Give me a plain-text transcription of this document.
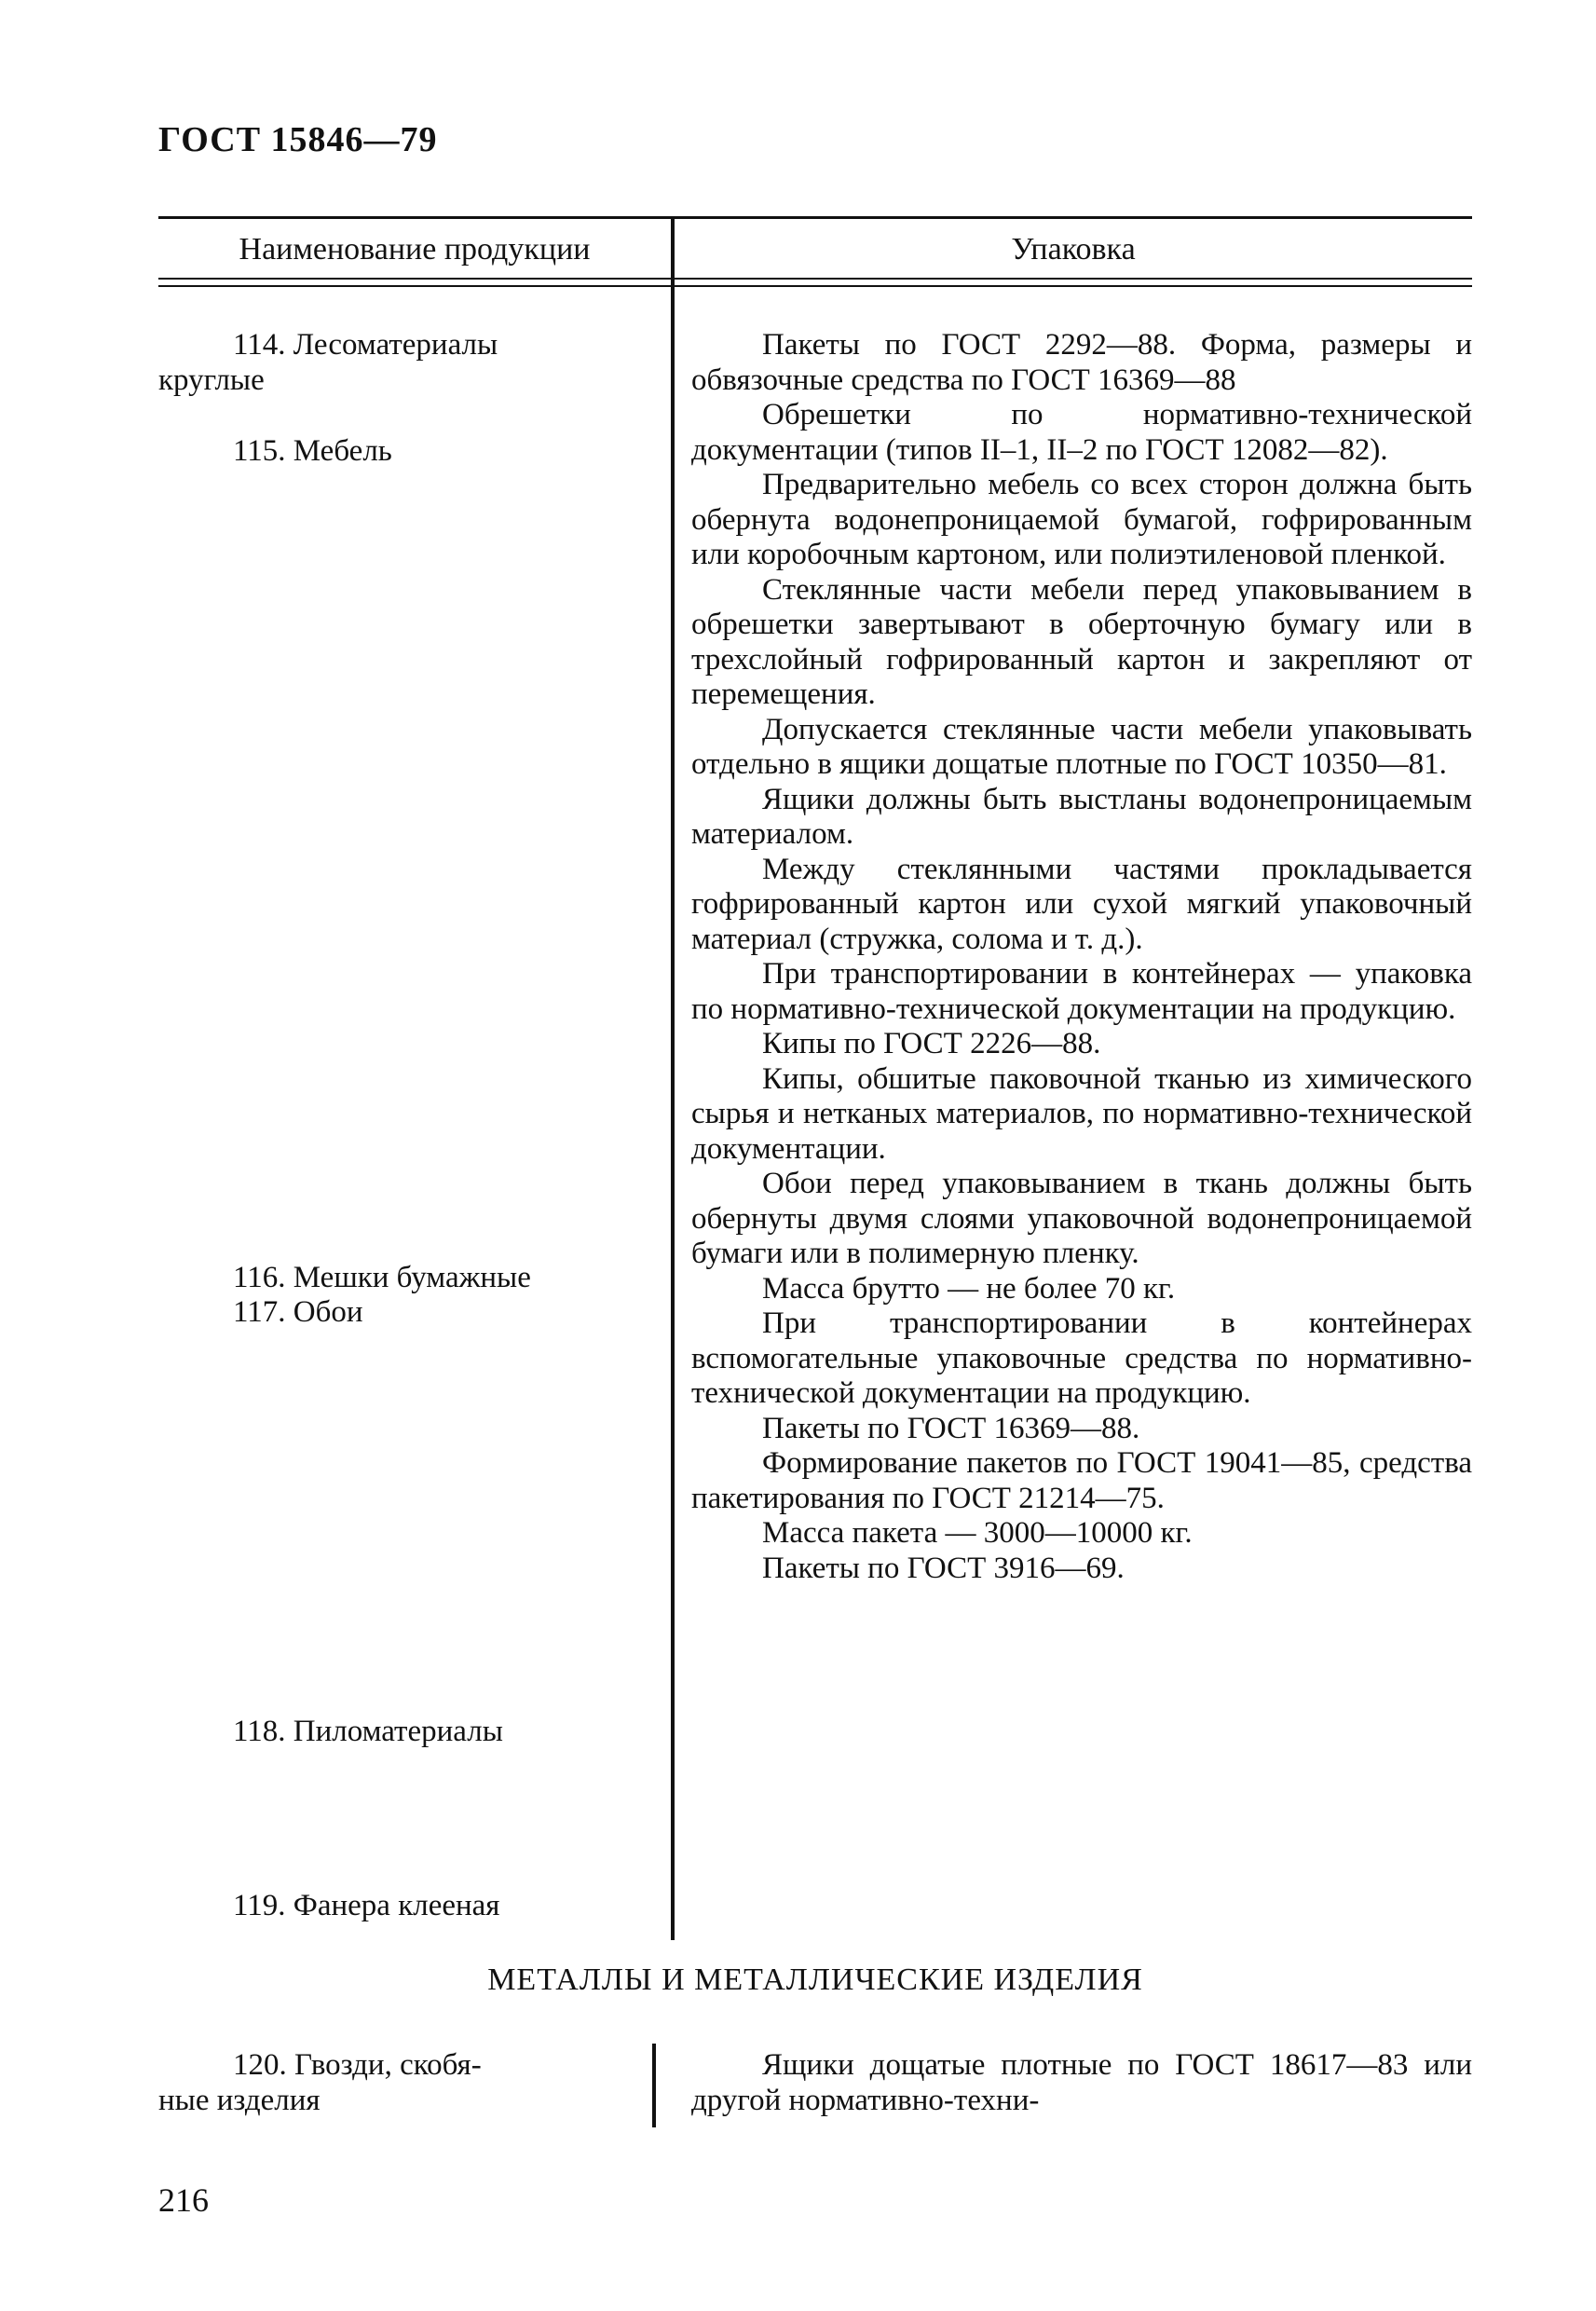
ГОСТ 15846—79
Наименование продукции	Упаковка
114. Лесоматериалы
круглые
115. Мебель
116. Мешки бумажные
117. Обои
118. Пиломатериалы
119. Фанера клееная

Пакеты по ГОСТ 2292—88. Форма, размеры и обвязочные средства по ГОСТ 16369—88

Обрешетки по нормативно-технической документации (типов II–1, II–2 по ГОСТ 12082—82).

Предварительно мебель со всех сторон должна быть обернута водонепроницаемой бумагой, гофрированным или коробочным картоном, или полиэтиленовой пленкой.

Стеклянные части мебели перед упаковыванием в обрешетки завертывают в оберточную бумагу или в трехслойный гофрированный картон и закрепляют от перемещения.

Допускается стеклянные части мебели упаковывать отдельно в ящики дощатые плотные по ГОСТ 10350—81.

Ящики должны быть выстланы водонепроницаемым материалом.

Между стеклянными частями прокладывается гофрированный картон или сухой мягкий упаковочный материал (стружка, солома и т. д.).

При транспортировании в контейнерах — упаковка по нормативно-технической документации на продукцию.

Кипы по ГОСТ 2226—88.

Кипы, обшитые паковочной тканью из химического сырья и нетканых материалов, по нормативно-технической документации.

Обои перед упаковыванием в ткань должны быть обернуты двумя слоями упаковочной водонепроницаемой бумаги или в полимерную пленку.

Масса брутто — не более 70 кг.

При транспортировании в контейнерах вспомогательные упаковочные средства по нормативно-технической документации на продукцию.

Пакеты по ГОСТ 16369—88.

Формирование пакетов по ГОСТ 19041—85, средства пакетирования по ГОСТ 21214—75.

Масса пакета — 3000—10000 кг.

Пакеты по ГОСТ 3916—69.

МЕТАЛЛЫ И МЕТАЛЛИЧЕСКИЕ ИЗДЕЛИЯ
120. Гвозди, скобя-
ные изделия

Ящики дощатые плотные по ГОСТ 18617—83 или другой нормативно-техни-

216
